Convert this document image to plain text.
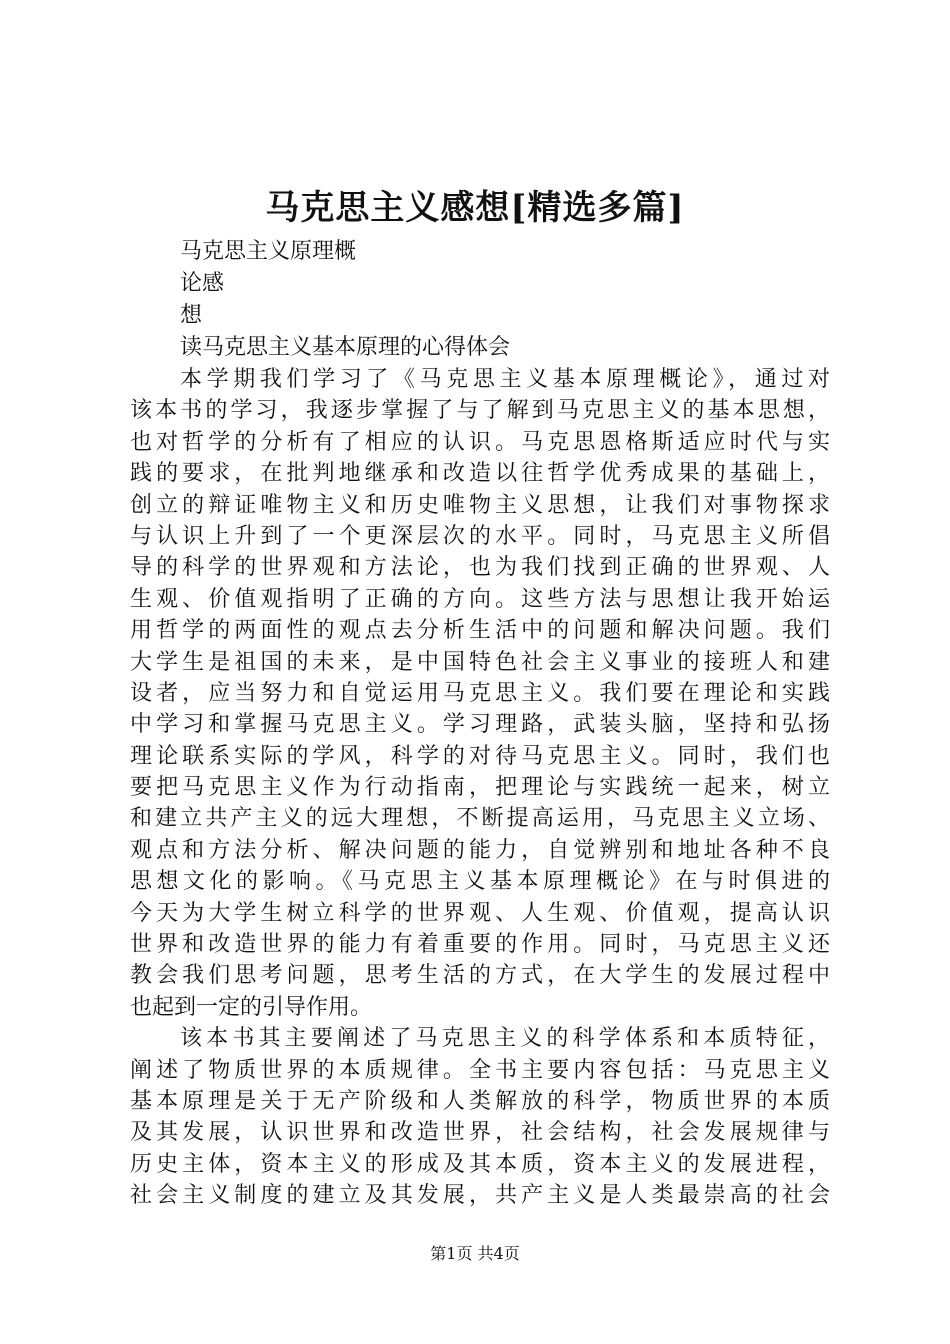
马克思主义感想[精选多篇]
马克思主义原理概
论感
想
读马克思主义基本原理的心得体会
本学期我们学习了《马克思主义基本原理概论》，通过对
该本书的学习，我逐步掌握了与了解到马克思主义的基本思想，
也对哲学的分析有了相应的认识。马克思恩格斯适应时代与实
践的要求，在批判地继承和改造以往哲学优秀成果的基础上，
创立的辩证唯物主义和历史唯物主义思想，让我们对事物探求
与认识上升到了一个更深层次的水平。同时，马克思主义所倡
导的科学的世界观和方法论，也为我们找到正确的世界观、人
生观、价值观指明了正确的方向。这些方法与思想让我开始运
用哲学的两面性的观点去分析生活中的问题和解决问题。我们
大学生是祖国的未来，是中国特色社会主义事业的接班人和建
设者，应当努力和自觉运用马克思主义。我们要在理论和实践
中学习和掌握马克思主义。学习理路，武装头脑，坚持和弘扬
理论联系实际的学风，科学的对待马克思主义。同时，我们也
要把马克思主义作为行动指南，把理论与实践统一起来，树立
和建立共产主义的远大理想，不断提高运用，马克思主义立场、
观点和方法分析、解决问题的能力，自觉辨别和地址各种不良
思想文化的影响。《马克思主义基本原理概论》在与时俱进的
今天为大学生树立科学的世界观、人生观、价值观，提高认识
世界和改造世界的能力有着重要的作用。同时，马克思主义还
教会我们思考问题，思考生活的方式，在大学生的发展过程中
也起到一定的引导作用。
该本书其主要阐述了马克思主义的科学体系和本质特征，
阐述了物质世界的本质规律。全书主要内容包括：马克思主义
基本原理是关于无产阶级和人类解放的科学，物质世界的本质
及其发展，认识世界和改造世界，社会结构，社会发展规律与
历史主体，资本主义的形成及其本质，资本主义的发展进程，
社会主义制度的建立及其发展，共产主义是人类最崇高的社会
第1页 共4页
